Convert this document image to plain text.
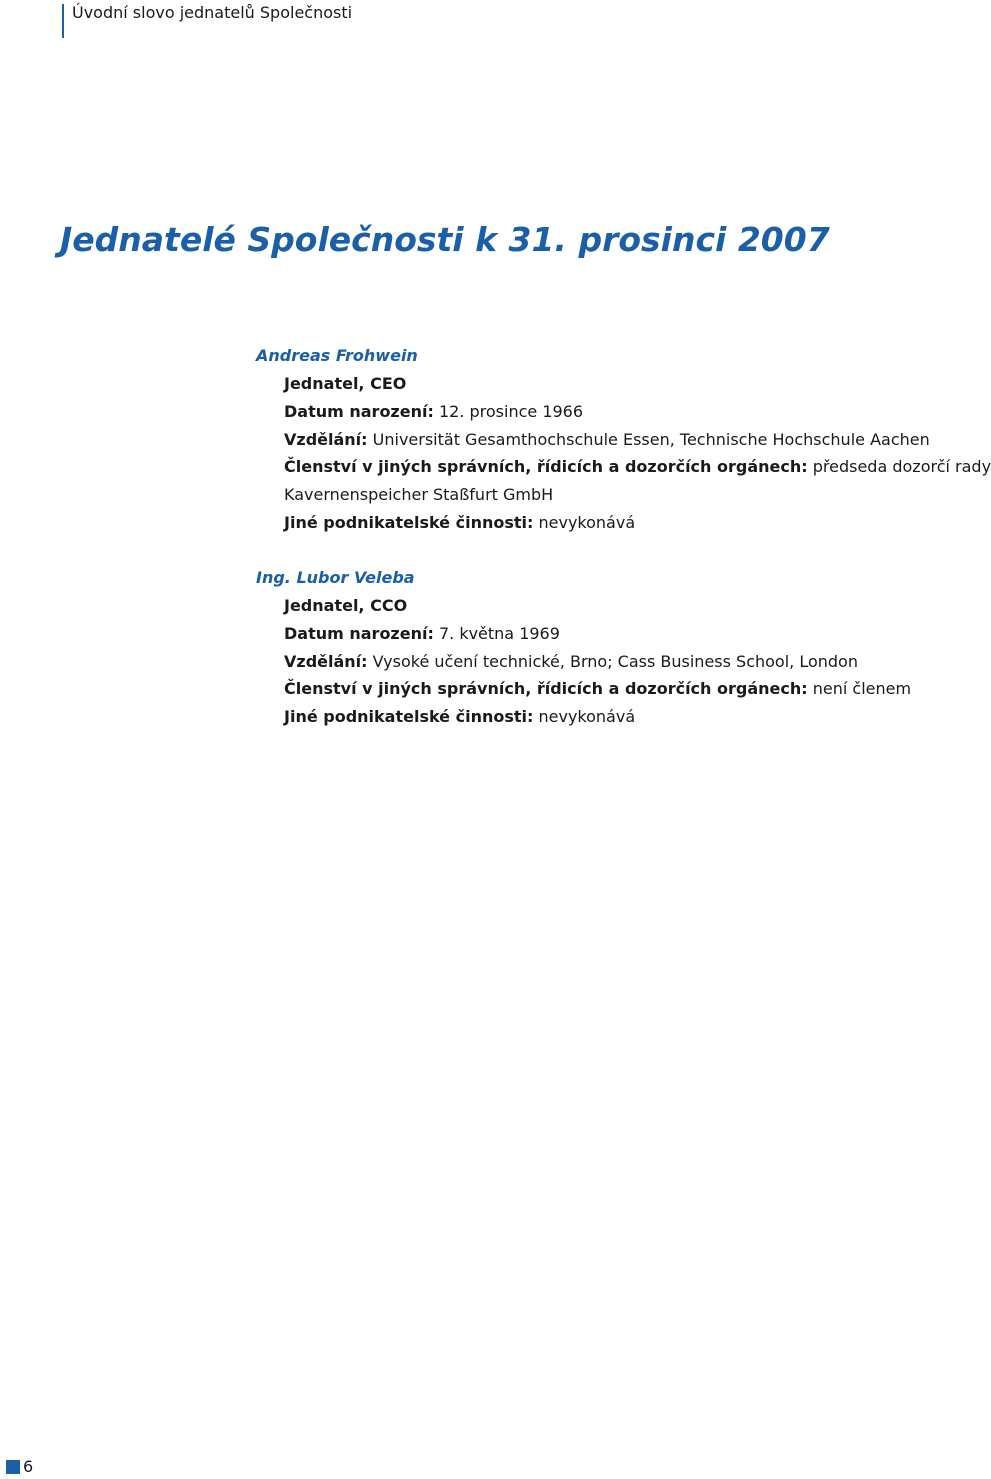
Úvodní slovo jednatelů Společnosti
Jednatelé Společnosti k 31. prosinci 2007
Andreas Frohwein
Jednatel, CEO
Datum narození: 12. prosince 1966
Vzdělání: Universität Gesamthochschule Essen, Technische Hochschule Aachen
Členství v jiných správních, řídicích a dozorčích orgánech: předseda dozorčí rady
Kavernenspeicher Staßfurt GmbH
Jiné podnikatelské činnosti: nevykonává
Ing. Lubor Veleba
Jednatel, CCO
Datum narození: 7. května 1969
Vzdělání: Vysoké učení technické, Brno; Cass Business School, London
Členství v jiných správních, řídicích a dozorčích orgánech: není členem
Jiné podnikatelské činnosti: nevykonává
6
